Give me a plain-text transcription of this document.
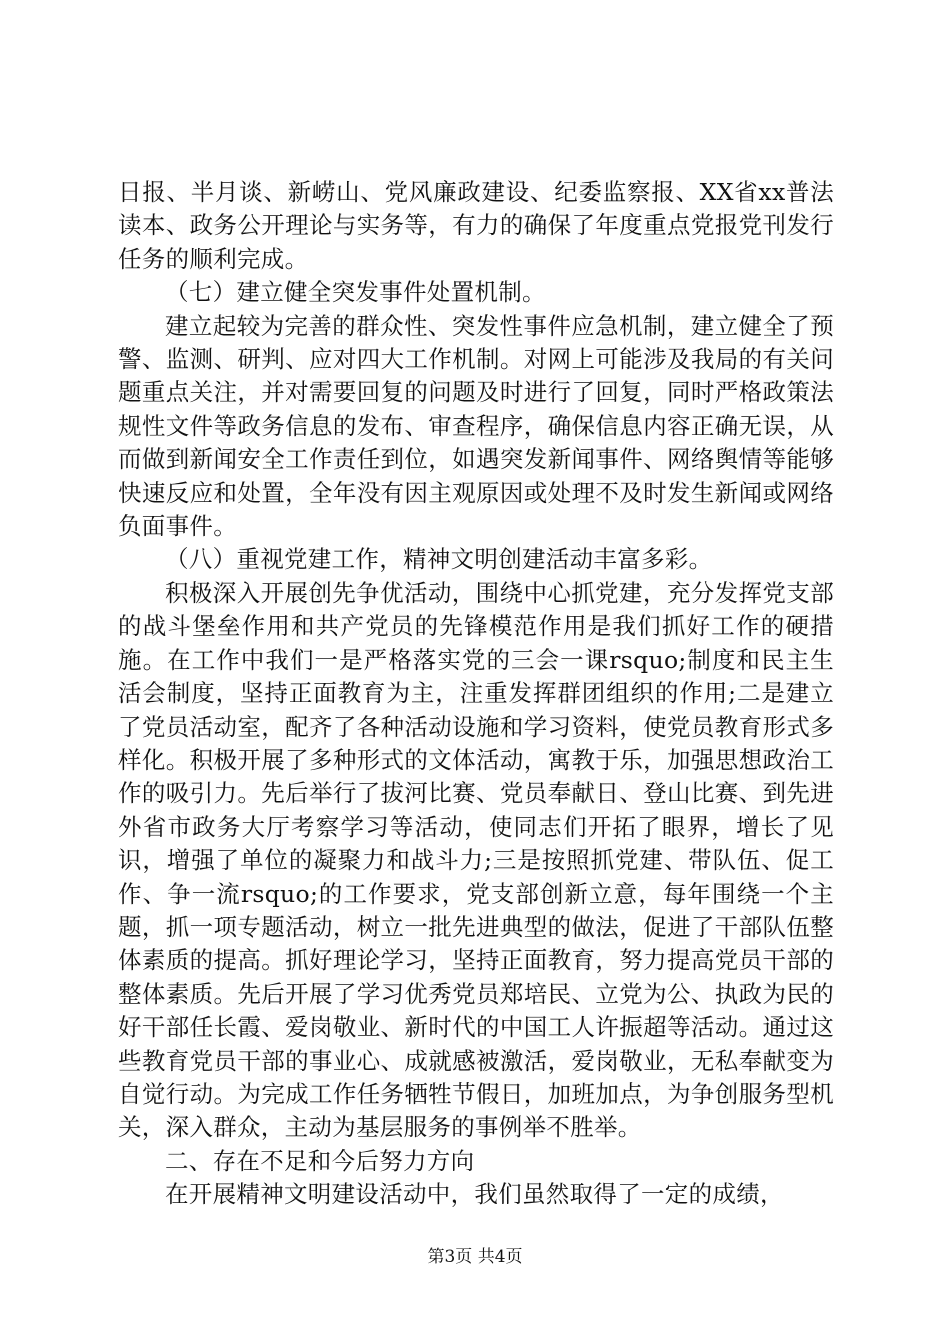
日报、半月谈、新崂山、党风廉政建设、纪委监察报、XX省xx普法读本、政务公开理论与实务等，有力的确保了年度重点党报党刊发行任务的顺利完成。

（七）建立健全突发事件处置机制。

建立起较为完善的群众性、突发性事件应急机制，建立健全了预警、监测、研判、应对四大工作机制。对网上可能涉及我局的有关问题重点关注，并对需要回复的问题及时进行了回复，同时严格政策法规性文件等政务信息的发布、审查程序，确保信息内容正确无误，从而做到新闻安全工作责任到位，如遇突发新闻事件、网络舆情等能够快速反应和处置，全年没有因主观原因或处理不及时发生新闻或网络负面事件。

（八）重视党建工作，精神文明创建活动丰富多彩。

积极深入开展创先争优活动，围绕中心抓党建，充分发挥党支部的战斗堡垒作用和共产党员的先锋模范作用是我们抓好工作的硬措施。在工作中我们一是严格落实党的三会一课rsquo;制度和民主生活会制度，坚持正面教育为主，注重发挥群团组织的作用;二是建立了党员活动室，配齐了各种活动设施和学习资料，使党员教育形式多样化。积极开展了多种形式的文体活动，寓教于乐，加强思想政治工作的吸引力。先后举行了拔河比赛、党员奉献日、登山比赛、到先进外省市政务大厅考察学习等活动，使同志们开拓了眼界，增长了见识，增强了单位的凝聚力和战斗力;三是按照抓党建、带队伍、促工作、争一流rsquo;的工作要求，党支部创新立意，每年围绕一个主题，抓一项专题活动，树立一批先进典型的做法，促进了干部队伍整体素质的提高。抓好理论学习，坚持正面教育，努力提高党员干部的整体素质。先后开展了学习优秀党员郑培民、立党为公、执政为民的好干部任长霞、爱岗敬业、新时代的中国工人许振超等活动。通过这些教育党员干部的事业心、成就感被激活，爱岗敬业，无私奉献变为自觉行动。为完成工作任务牺牲节假日，加班加点，为争创服务型机关，深入群众，主动为基层服务的事例举不胜举。

二、存在不足和今后努力方向

在开展精神文明建设活动中，我们虽然取得了一定的成绩，

第3页 共4页
